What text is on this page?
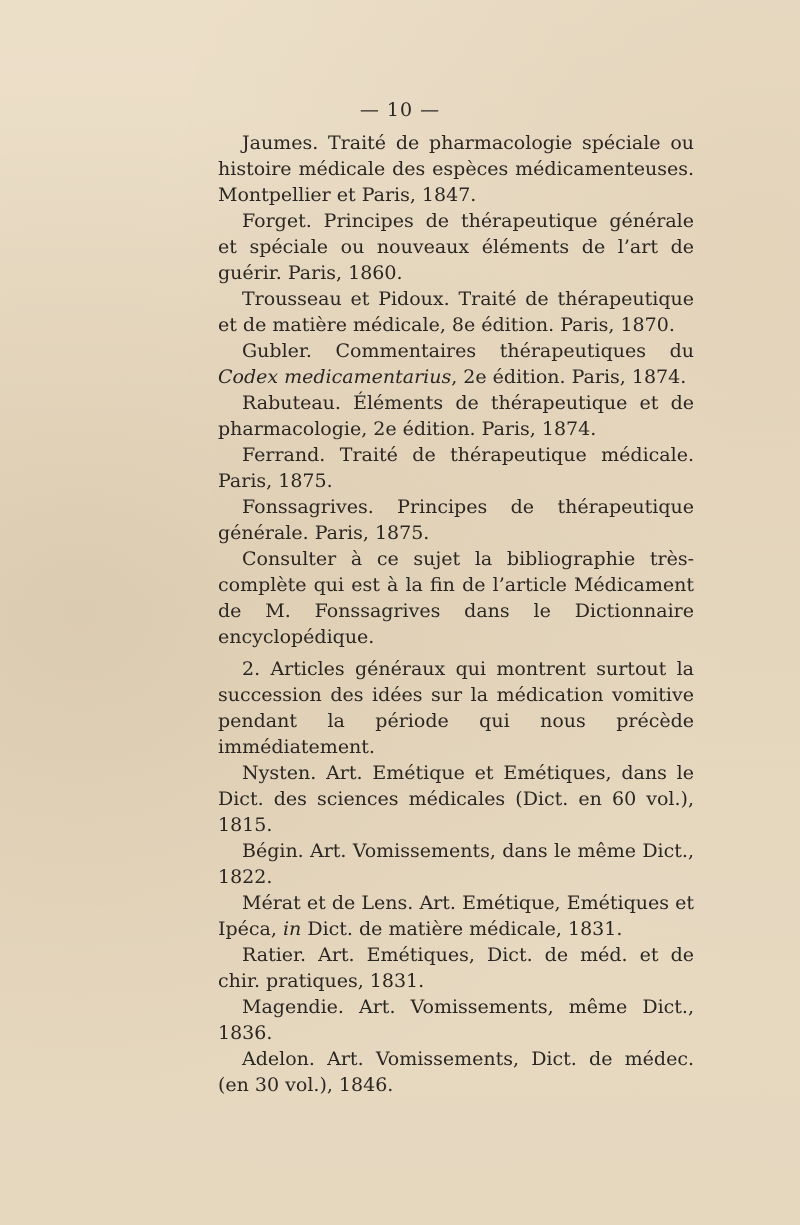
— 10 —

Jaumes. Traité de pharmacologie spéciale ou histoire médicale des espèces médicamenteuses. Montpellier et Paris, 1847.

Forget. Principes de thérapeutique générale et spéciale ou nouveaux éléments de l’art de guérir. Paris, 1860.

Trousseau et Pidoux. Traité de thérapeutique et de matière médicale, 8e édition. Paris, 1870.

Gubler. Commentaires thérapeutiques du Codex medicamentarius, 2e édition. Paris, 1874.

Rabuteau. Éléments de thérapeutique et de pharmacologie, 2e édition. Paris, 1874.

Ferrand. Traité de thérapeutique médicale. Paris, 1875.

Fonssagrives. Principes de thérapeutique générale. Paris, 1875.

Consulter à ce sujet la bibliographie très-complète qui est à la fin de l’article Médicament de M. Fonssagrives dans le Dictionnaire encyclopédique.

2. Articles généraux qui montrent surtout la succession des idées sur la médication vomitive pendant la période qui nous précède immédiatement.

Nysten. Art. Emétique et Emétiques, dans le Dict. des sciences médicales (Dict. en 60 vol.), 1815.

Bégin. Art. Vomissements, dans le même Dict., 1822.

Mérat et de Lens. Art. Emétique, Emétiques et Ipéca, in Dict. de matière médicale, 1831.

Ratier. Art. Emétiques, Dict. de méd. et de chir. pratiques, 1831.

Magendie. Art. Vomissements, même Dict., 1836.

Adelon. Art. Vomissements, Dict. de médec. (en 30 vol.), 1846.
